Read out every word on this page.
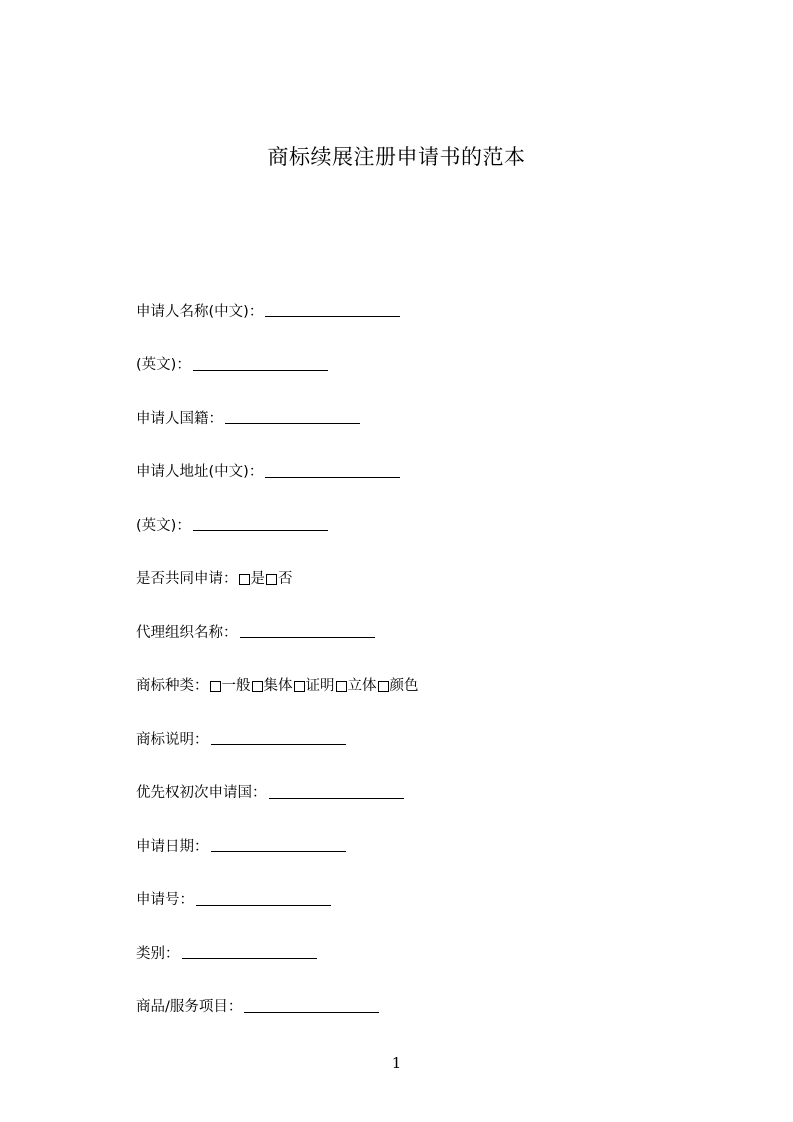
商标续展注册申请书的范本
申请人名称(中文)：
(英文)：
申请人国籍：
申请人地址(中文)：
(英文)：
是否共同申请： 是 否
代理组织名称：
商标种类： 一般 集体 证明 立体 颜色
商标说明：
优先权初次申请国：
申请日期：
申请号：
类别：
商品/服务项目：
1
